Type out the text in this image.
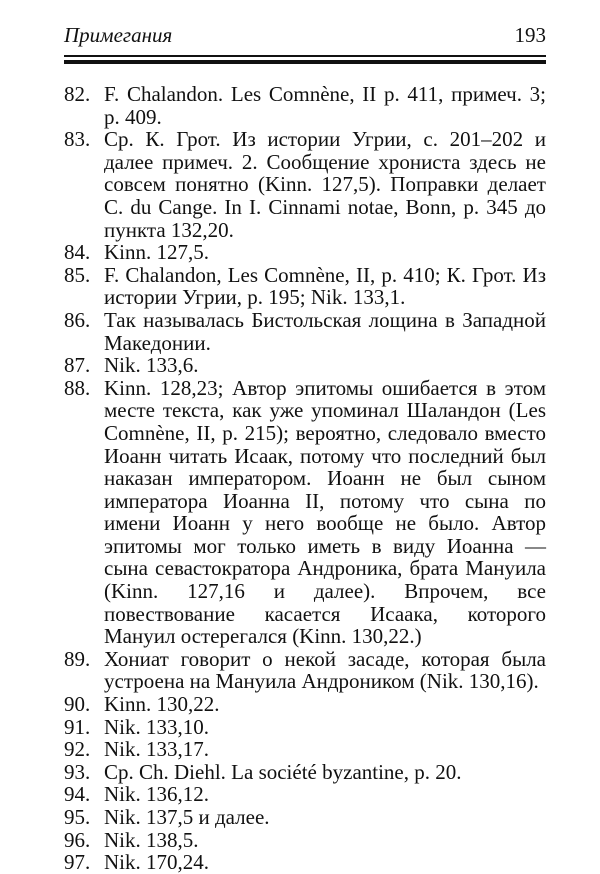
Примегания	193
82. F. Chalandon. Les Comnène, II p. 411, примеч. 3; p. 409.
83. Ср. К. Грот. Из истории Угрии, с. 201–202 и далее примеч. 2. Сообщение хрониста здесь не совсем понятно (Kinn. 127,5). Поправки делает C. du Cange. In I. Cinnami notae, Bonn, p. 345 до пункта 132,20.
84. Kinn. 127,5.
85. F. Chalandon, Les Comnène, II, p. 410; К. Грот. Из истории Угрии, p. 195; Nik. 133,1.
86. Так называлась Бистольская лощина в Западной Македонии.
87. Nik. 133,6.
88. Kinn. 128,23; Автор эпитомы ошибается в этом месте текста, как уже упоминал Шаландон (Les Comnène, II, p. 215); вероятно, следовало вместо Иоанн читать Исаак, потому что последний был наказан императором. Иоанн не был сыном императора Иоанна II, потому что сына по имени Иоанн у него вообще не было. Автор эпитомы мог только иметь в виду Иоанна — сына севастократора Андроника, брата Мануила (Kinn. 127,16 и далее). Впрочем, все повествование касается Исаака, которого Мануил остерегался (Kinn. 130,22.)
89. Хониат говорит о некой засаде, которая была устроена на Мануила Андроником (Nik. 130,16).
90. Kinn. 130,22.
91. Nik. 133,10.
92. Nik. 133,17.
93. Ср. Ch. Diehl. La société byzantine, p. 20.
94. Nik. 136,12.
95. Nik. 137,5 и далее.
96. Nik. 138,5.
97. Nik. 170,24.
